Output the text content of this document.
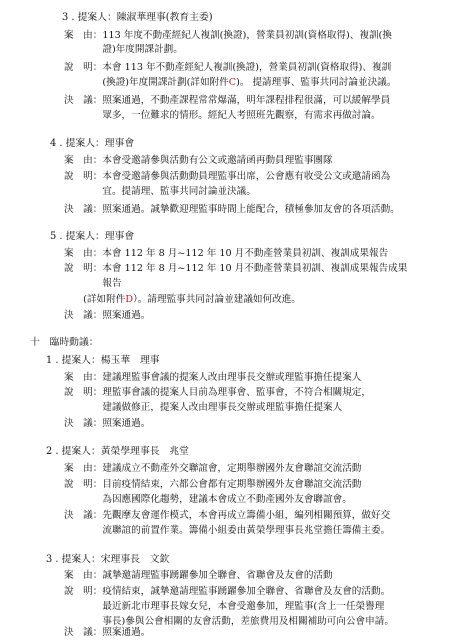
3 . 提案人：陳淑華理事(教育主委)
案　由：113 年度不動產經紀人複訓(換證)，營業員初訓(資格取得)、複訓(換
　　　　證)年度開課計劃。
說　明：本會 113 年不動產經紀人複訓(換證)，營業員初訓(資格取得)、複訓
　　　　(換證)年度開課計劃(詳如附件C)。 提請理事、監事共同討論並決議。
決　議：照案通過，不動產課程常常爆滿，明年課程排程很滿，可以緩解學員
　　　　眾多，一位難求的情形。經紀人考照班先觀察，有需求再做討論。
4 . 提案人：理事會
案　由：本會受邀請參與活動有公文或邀請函再動員理監事團隊
說　明：本會受邀請參與活動動員理監事出席，公會應有收受公文或邀請函為
　　　　宜。提請理、監事共同討論並決議。
決　議：照案通過。誠摯歡迎理監事時間上能配合，積極參加友會的各項活動。
5 . 提案人：理事會
案　由：本會 112 年 8 月~112 年 10 月不動產營業員初訓、複訓成果報告
說　明：本會 112 年 8 月~112 年 10 月不動產營業員初訓、複訓成果報告成果
　　　　報告
　　(詳如附件D）。請理監事共同討論並建議如何改進。
決　議：照案通過。
十　臨時動議：
1 . 提案人：楊玉華　理事
案　由：建議理監事會議的提案人改由理事長交辦或理監事擔任提案人
說　明：理監事會議的提案人目前為理事會、監事會，不符合相關規定，
　　　　建議做修正，提案人改由理事長交辦或理監事擔任提案人
決　議：照案通過。
2 . 提案人：黃榮學理事長　兆堂
案　由：建議成立不動產外交聯誼會，定期舉辦國外友會聯誼交流活動
說　明：目前疫情結束，六都公會都有定期舉辦國外友會聯誼交流活動
　　　　為因應國際化趨勢，建議本會成立不動產國外友會聯誼會。
決　議：先觀摩友會運作模式，本會再成立籌備小組，編列相關預算，做好交
　　　　流聯誼的前置作業。籌備小組委由黃榮學理事長兆堂擔任籌備主委。
3 . 提案人：宋理事長　文欽
案　由：誠摯邀請理監事踴躍參加全聯會、省聯會及友會的活動
說　明：疫情結束，誠摯邀請理監事踴躍參加全聯會、省聯會及友會的活動。
　　　　最近新北市理事長嫁女兒，本會受邀參加，理監事(含上一任榮譽理
　　　　事長)參與公會相關的友會活動，差旅費用及相關補助可向公會申請。
決　議：照案通過。
